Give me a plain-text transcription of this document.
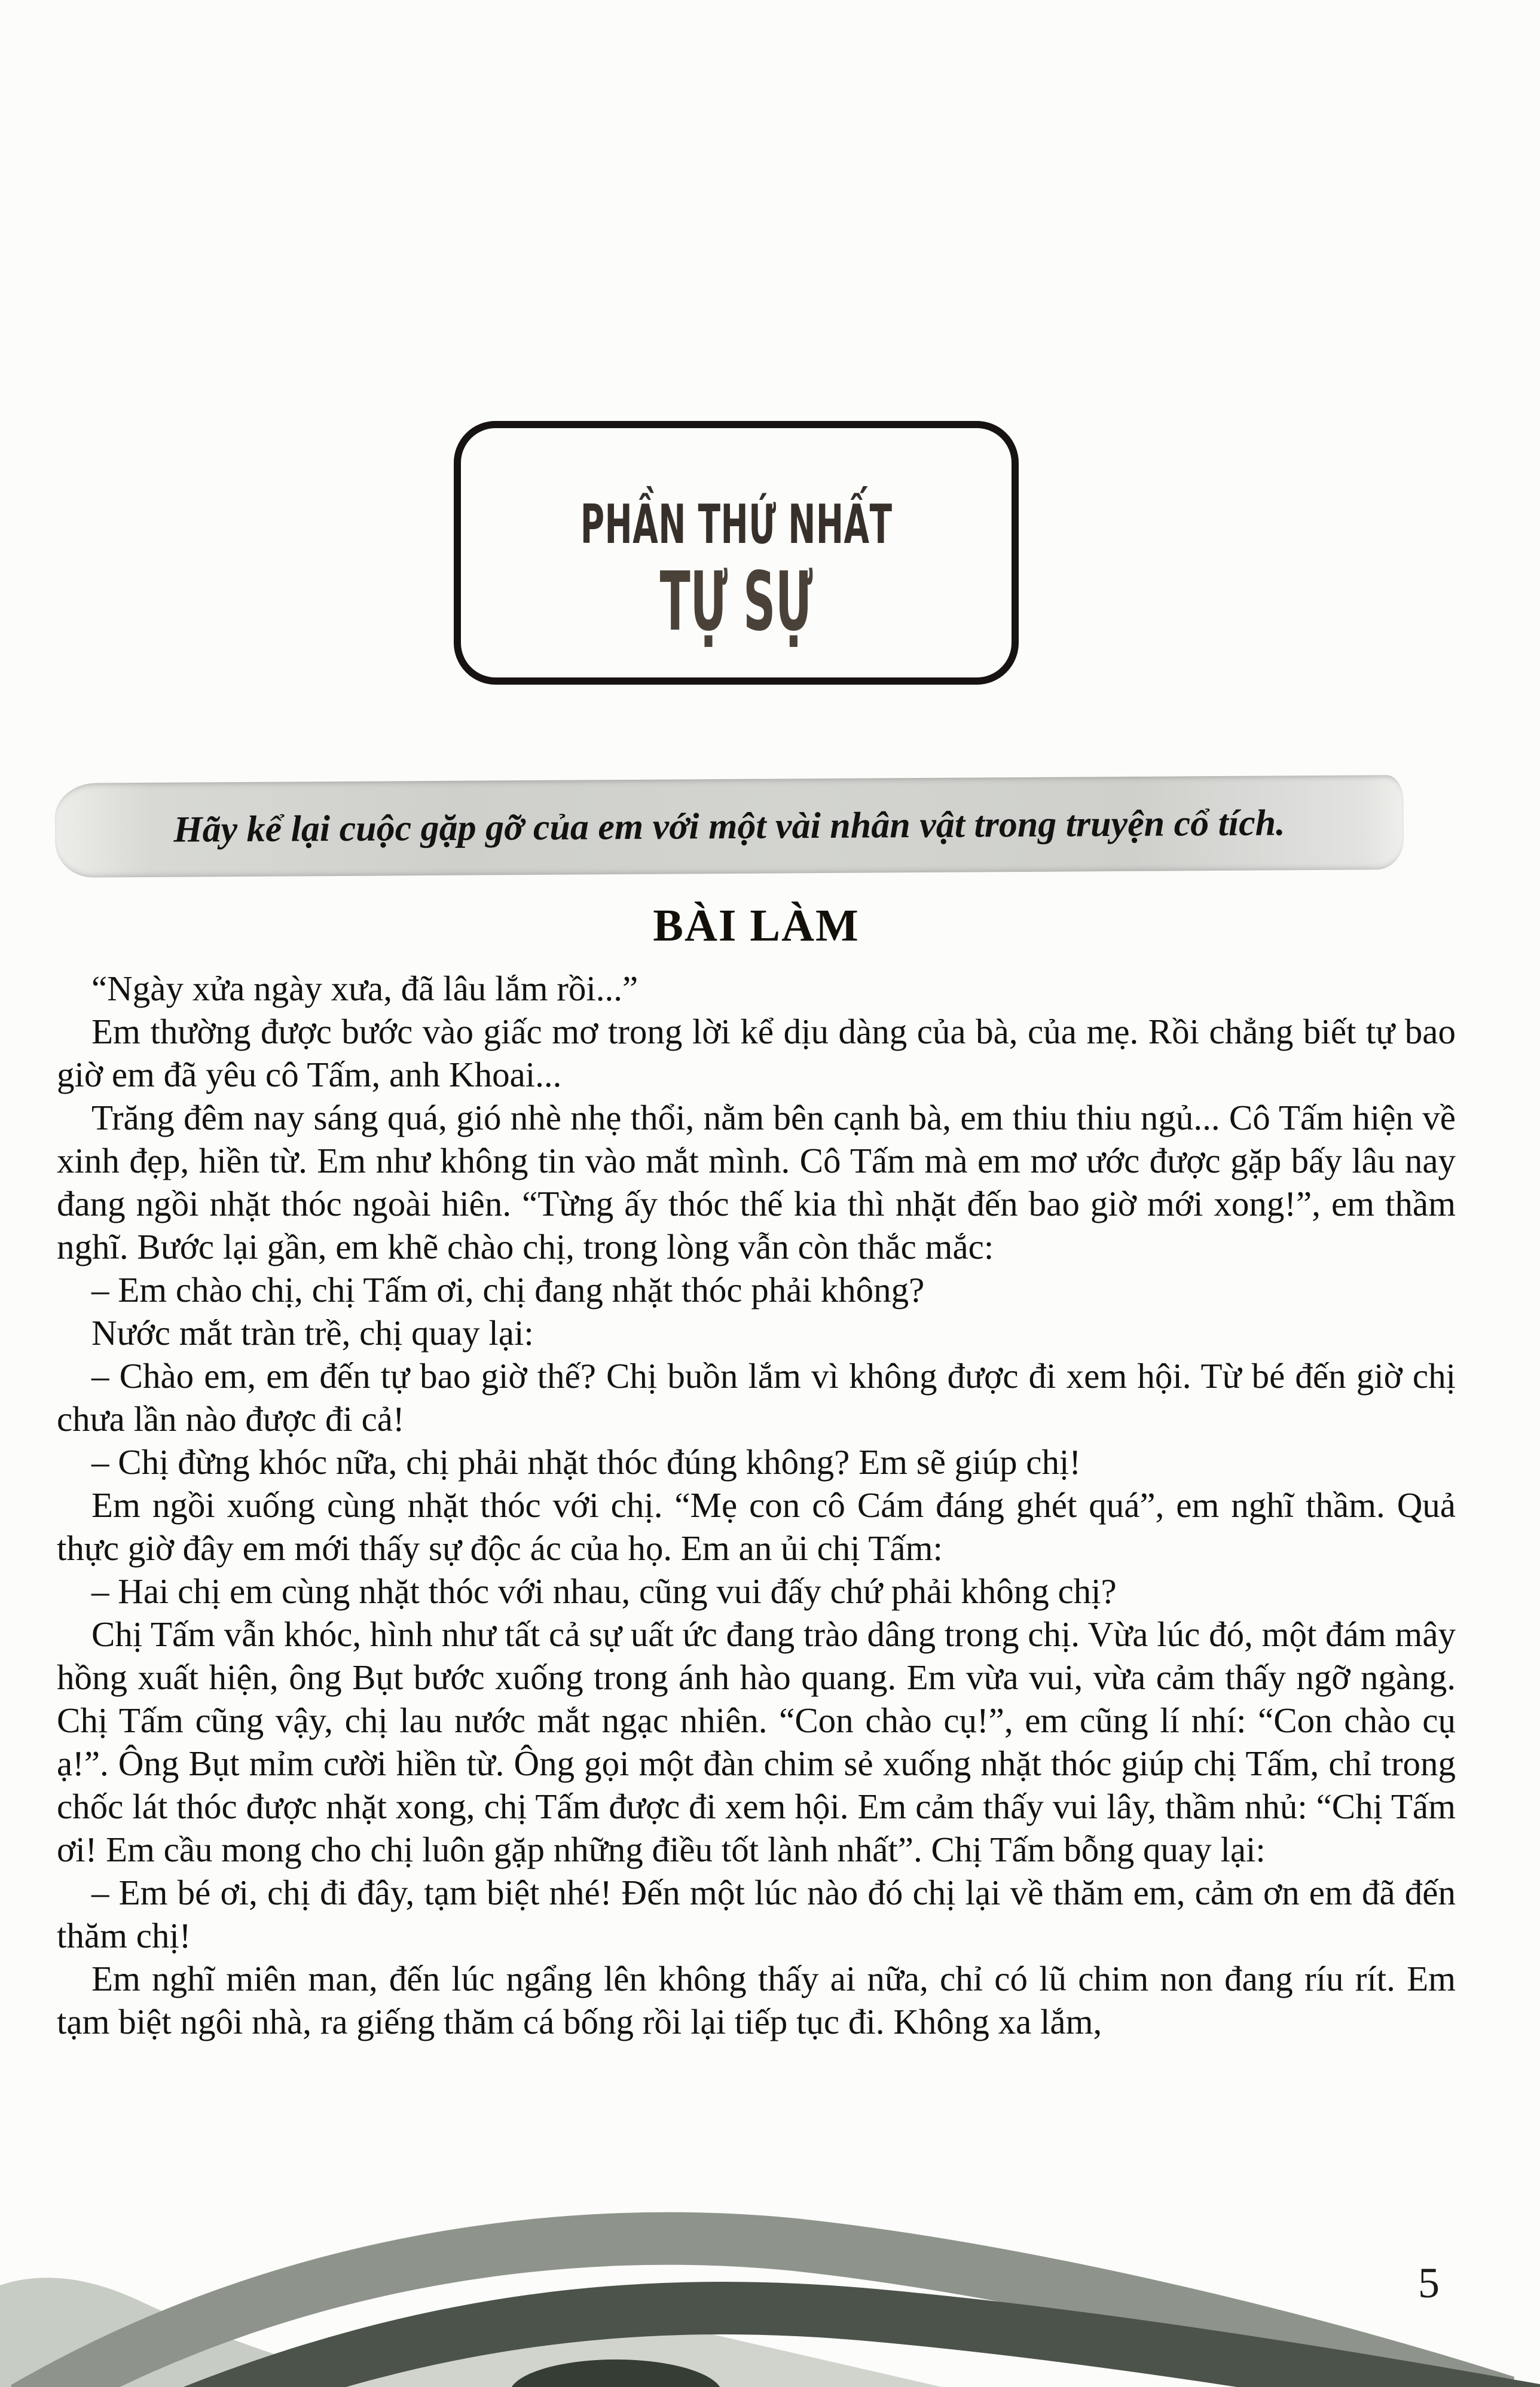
PHẦN THỨ NHẤT
TỰ SỰ
Hãy kể lại cuộc gặp gỡ của em với một vài nhân vật trong truyện cổ tích.
BÀI LÀM

“Ngày xửa ngày xưa, đã lâu lắm rồi...”

Em thường được bước vào giấc mơ trong lời kể dịu dàng của bà, của mẹ. Rồi chẳng biết tự bao giờ em đã yêu cô Tấm, anh Khoai...

Trăng đêm nay sáng quá, gió nhè nhẹ thổi, nằm bên cạnh bà, em thiu thiu ngủ... Cô Tấm hiện về xinh đẹp, hiền từ. Em như không tin vào mắt mình. Cô Tấm mà em mơ ước được gặp bấy lâu nay đang ngồi nhặt thóc ngoài hiên. “Từng ấy thóc thế kia thì nhặt đến bao giờ mới xong!”, em thầm nghĩ. Bước lại gần, em khẽ chào chị, trong lòng vẫn còn thắc mắc:

– Em chào chị, chị Tấm ơi, chị đang nhặt thóc phải không?

Nước mắt tràn trề, chị quay lại:

– Chào em, em đến tự bao giờ thế? Chị buồn lắm vì không được đi xem hội. Từ bé đến giờ chị chưa lần nào được đi cả!

– Chị đừng khóc nữa, chị phải nhặt thóc đúng không? Em sẽ giúp chị!

Em ngồi xuống cùng nhặt thóc với chị. “Mẹ con cô Cám đáng ghét quá”, em nghĩ thầm. Quả thực giờ đây em mới thấy sự độc ác của họ. Em an ủi chị Tấm:

– Hai chị em cùng nhặt thóc với nhau, cũng vui đấy chứ phải không chị?

Chị Tấm vẫn khóc, hình như tất cả sự uất ức đang trào dâng trong chị. Vừa lúc đó, một đám mây hồng xuất hiện, ông Bụt bước xuống trong ánh hào quang. Em vừa vui, vừa cảm thấy ngỡ ngàng. Chị Tấm cũng vậy, chị lau nước mắt ngạc nhiên. “Con chào cụ!”, em cũng lí nhí: “Con chào cụ ạ!”. Ông Bụt mỉm cười hiền từ. Ông gọi một đàn chim sẻ xuống nhặt thóc giúp chị Tấm, chỉ trong chốc lát thóc được nhặt xong, chị Tấm được đi xem hội. Em cảm thấy vui lây, thầm nhủ: “Chị Tấm ơi! Em cầu mong cho chị luôn gặp những điều tốt lành nhất”. Chị Tấm bỗng quay lại:

– Em bé ơi, chị đi đây, tạm biệt nhé! Đến một lúc nào đó chị lại về thăm em, cảm ơn em đã đến thăm chị!

Em nghĩ miên man, đến lúc ngẩng lên không thấy ai nữa, chỉ có lũ chim non đang ríu rít. Em tạm biệt ngôi nhà, ra giếng thăm cá bống rồi lại tiếp tục đi. Không xa lắm,

5
